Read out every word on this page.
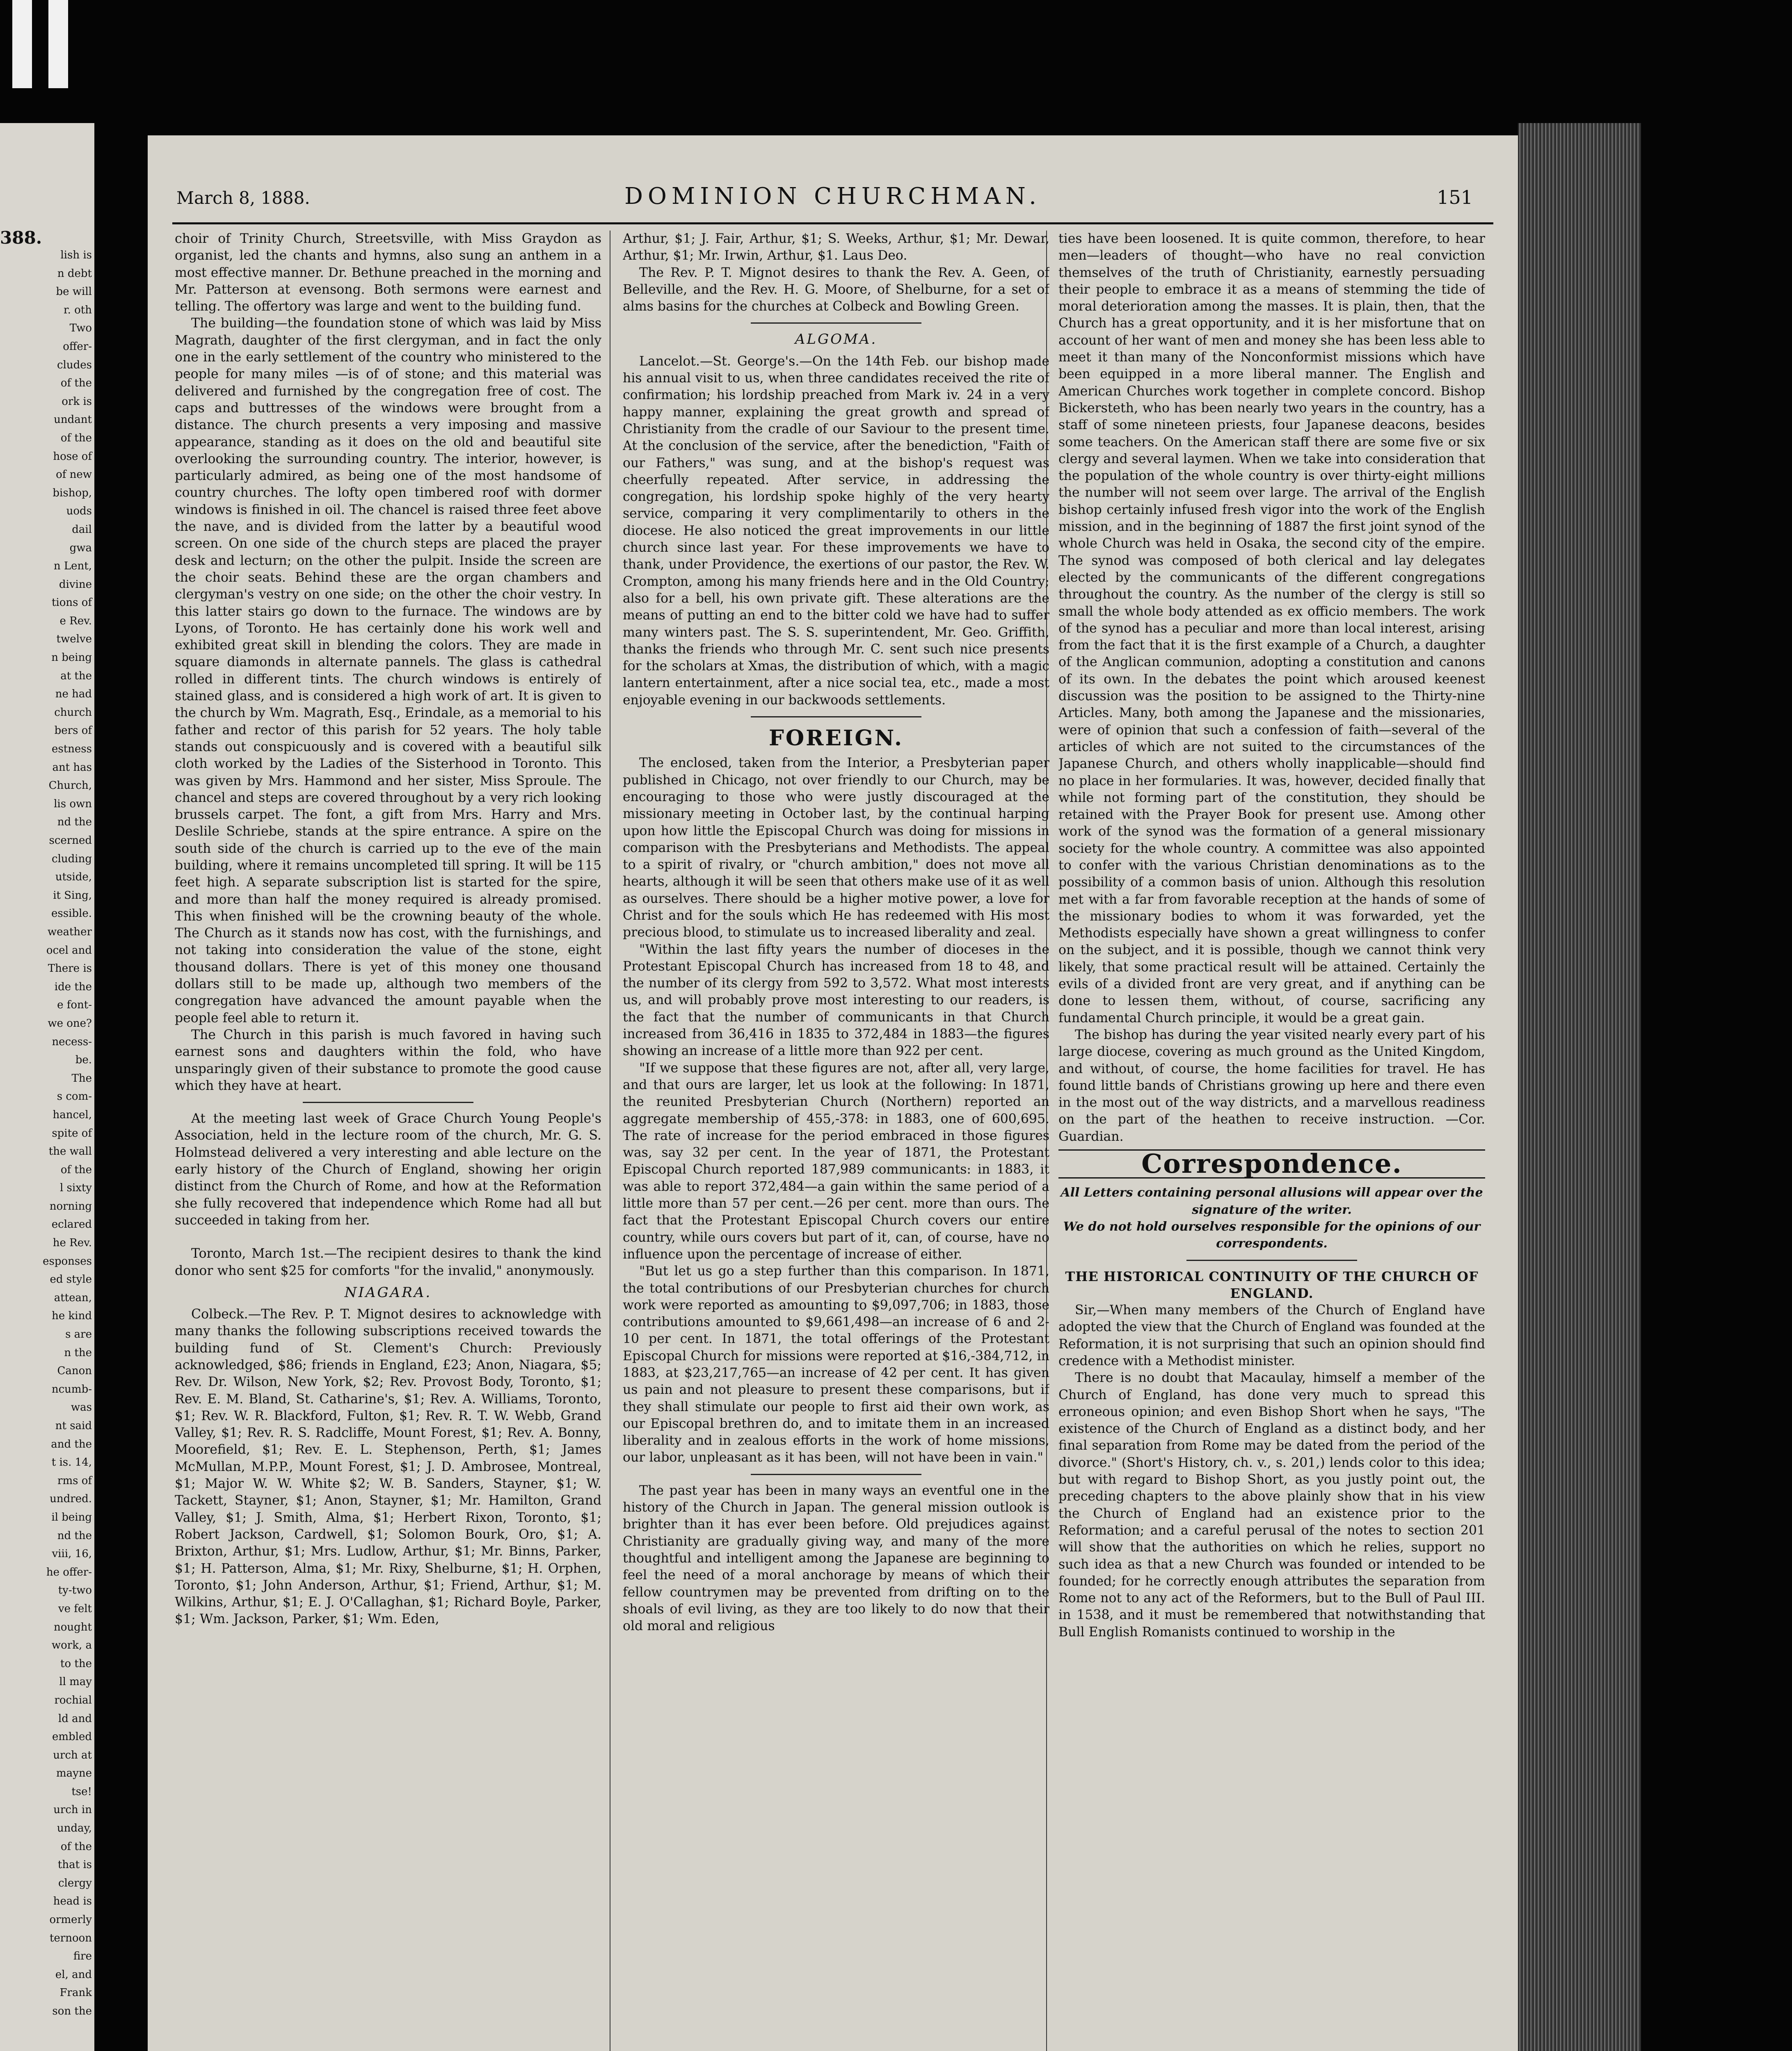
388.
lish is
n debt
be will
r. oth
Two
offer-
cludes
of the
ork is
undant
of the
hose of
of new
bishop,
uods
dail
gwa
n Lent,
divine
tions of
e Rev.
twelve
n being
at the
ne had
church
bers of
estness
ant has
Church,
lis own
nd the
scerned
cluding
utside,
it Sing,
essible.
weather
ocel and
There is
ide the
e font-
we one?
necess-
be.
The
s com-
hancel,
spite of
the wall
of the
l sixty
norning
eclared
he Rev.
esponses
ed style
attean,
he kind
s are
n the
Canon
ncumb-
was
nt said
and the
t is. 14,
rms of
undred.
il being
nd the
viii, 16,
he offer-
ty-two
ve felt
nought
work, a
to the
ll may
rochial
ld and
embled
urch at
mayne
tse!
urch in
unday,
of the
that is
clergy
head is
ormerly
ternoon
fire
el, and
Frank
son the
March 8, 1888.	DOMINION CHURCHMAN.	151

choir of Trinity Church, Streetsville, with Miss Graydon as organist, led the chants and hymns, also sung an anthem in a most effective manner. Dr. Bethune preached in the morning and Mr. Patterson at evensong. Both sermons were earnest and telling. The offertory was large and went to the building fund.

The building—the foundation stone of which was laid by Miss Magrath, daughter of the first clergyman, and in fact the only one in the early settlement of the country who ministered to the people for many miles —is of of stone; and this material was delivered and furnished by the congregation free of cost. The caps and buttresses of the windows were brought from a distance. The church presents a very imposing and massive appearance, standing as it does on the old and beautiful site overlooking the surrounding country. The interior, however, is particularly admired, as being one of the most handsome of country churches. The lofty open timbered roof with dormer windows is finished in oil. The chancel is raised three feet above the nave, and is divided from the latter by a beautiful wood screen. On one side of the church steps are placed the prayer desk and lecturn; on the other the pulpit. Inside the screen are the choir seats. Behind these are the organ chambers and clergyman's vestry on one side; on the other the choir vestry. In this latter stairs go down to the furnace. The windows are by Lyons, of Toronto. He has certainly done his work well and exhibited great skill in blending the colors. They are made in square diamonds in alternate pannels. The glass is cathedral rolled in different tints. The church windows is entirely of stained glass, and is considered a high work of art. It is given to the church by Wm. Magrath, Esq., Erindale, as a memorial to his father and rector of this parish for 52 years. The holy table stands out conspicuously and is covered with a beautiful silk cloth worked by the Ladies of the Sisterhood in Toronto. This was given by Mrs. Hammond and her sister, Miss Sproule. The chancel and steps are covered throughout by a very rich looking brussels carpet. The font, a gift from Mrs. Harry and Mrs. Deslile Schriebe, stands at the spire entrance. A spire on the south side of the church is carried up to the eve of the main building, where it remains uncompleted till spring. It will be 115 feet high. A separate subscription list is started for the spire, and more than half the money required is already promised. This when finished will be the crowning beauty of the whole. The Church as it stands now has cost, with the furnishings, and not taking into consideration the value of the stone, eight thousand dollars. There is yet of this money one thousand dollars still to be made up, although two members of the congregation have advanced the amount payable when the people feel able to return it.

The Church in this parish is much favored in having such earnest sons and daughters within the fold, who have unsparingly given of their substance to promote the good cause which they have at heart.

At the meeting last week of Grace Church Young People's Association, held in the lecture room of the church, Mr. G. S. Holmstead delivered a very interesting and able lecture on the early history of the Church of England, showing her origin distinct from the Church of Rome, and how at the Reformation she fully recovered that independence which Rome had all but succeeded in taking from her.

Toronto, March 1st.—The recipient desires to thank the kind donor who sent $25 for comforts "for the invalid," anonymously.

NIAGARA.

Colbeck.—The Rev. P. T. Mignot desires to acknowledge with many thanks the following subscriptions received towards the building fund of St. Clement's Church: Previously acknowledged, $86; friends in England, £23; Anon, Niagara, $5; Rev. Dr. Wilson, New York, $2; Rev. Provost Body, Toronto, $1; Rev. E. M. Bland, St. Catharine's, $1; Rev. A. Williams, Toronto, $1; Rev. W. R. Blackford, Fulton, $1; Rev. R. T. W. Webb, Grand Valley, $1; Rev. R. S. Radcliffe, Mount Forest, $1; Rev. A. Bonny, Moorefield, $1; Rev. E. L. Stephenson, Perth, $1; James McMullan, M.P.P., Mount Forest, $1; J. D. Ambrosee, Montreal, $1; Major W. W. White $2; W. B. Sanders, Stayner, $1; W. Tackett, Stayner, $1; Anon, Stayner, $1; Mr. Hamilton, Grand Valley, $1; J. Smith, Alma, $1; Herbert Rixon, Toronto, $1; Robert Jackson, Cardwell, $1; Solomon Bourk, Oro, $1; A. Brixton, Arthur, $1; Mrs. Ludlow, Arthur, $1; Mr. Binns, Parker, $1; H. Patterson, Alma, $1; Mr. Rixy, Shelburne, $1; H. Orphen, Toronto, $1; John Anderson, Arthur, $1; Friend, Arthur, $1; M. Wilkins, Arthur, $1; E. J. O'Callaghan, $1; Richard Boyle, Parker, $1; Wm. Jackson, Parker, $1; Wm. Eden,

Arthur, $1; J. Fair, Arthur, $1; S. Weeks, Arthur, $1; Mr. Dewar, Arthur, $1; Mr. Irwin, Arthur, $1. Laus Deo.

The Rev. P. T. Mignot desires to thank the Rev. A. Geen, of Belleville, and the Rev. H. G. Moore, of Shelburne, for a set of alms basins for the churches at Colbeck and Bowling Green.

ALGOMA.

Lancelot.—St. George's.—On the 14th Feb. our bishop made his annual visit to us, when three candidates received the rite of confirmation; his lordship preached from Mark iv. 24 in a very happy manner, explaining the great growth and spread of Christianity from the cradle of our Saviour to the present time. At the conclusion of the service, after the benediction, "Faith of our Fathers," was sung, and at the bishop's request was cheerfully repeated. After service, in addressing the congregation, his lordship spoke highly of the very hearty service, comparing it very complimentarily to others in the diocese. He also noticed the great improvements in our little church since last year. For these improvements we have to thank, under Providence, the exertions of our pastor, the Rev. W. Crompton, among his many friends here and in the Old Country; also for a bell, his own private gift. These alterations are the means of putting an end to the bitter cold we have had to suffer many winters past. The S. S. superintendent, Mr. Geo. Griffith, thanks the friends who through Mr. C. sent such nice presents for the scholars at Xmas, the distribution of which, with a magic lantern entertainment, after a nice social tea, etc., made a most enjoyable evening in our backwoods settlements.

FOREIGN.

The enclosed, taken from the Interior, a Presbyterian paper published in Chicago, not over friendly to our Church, may be encouraging to those who were justly discouraged at the missionary meeting in October last, by the continual harping upon how little the Episcopal Church was doing for missions in comparison with the Presbyterians and Methodists. The appeal to a spirit of rivalry, or "church ambition," does not move all hearts, although it will be seen that others make use of it as well as ourselves. There should be a higher motive power, a love for Christ and for the souls which He has redeemed with His most precious blood, to stimulate us to increased liberality and zeal.

"Within the last fifty years the number of dioceses in the Protestant Episcopal Church has increased from 18 to 48, and the number of its clergy from 592 to 3,572. What most interests us, and will probably prove most interesting to our readers, is the fact that the number of communicants in that Church increased from 36,416 in 1835 to 372,484 in 1883—the figures showing an increase of a little more than 922 per cent.

"If we suppose that these figures are not, after all, very large, and that ours are larger, let us look at the following: In 1871, the reunited Presbyterian Church (Northern) reported an aggregate membership of 455,-378: in 1883, one of 600,695. The rate of increase for the period embraced in those figures was, say 32 per cent. In the year of 1871, the Protestant Episcopal Church reported 187,989 communicants: in 1883, it was able to report 372,484—a gain within the same period of a little more than 57 per cent.—26 per cent. more than ours. The fact that the Protestant Episcopal Church covers our entire country, while ours covers but part of it, can, of course, have no influence upon the percentage of increase of either.

"But let us go a step further than this comparison. In 1871, the total contributions of our Presbyterian churches for church work were reported as amounting to $9,097,706; in 1883, those contributions amounted to $9,661,498—an increase of 6 and 2-10 per cent. In 1871, the total offerings of the Protestant Episcopal Church for missions were reported at $16,-384,712, in 1883, at $23,217,765—an increase of 42 per cent. It has given us pain and not pleasure to present these comparisons, but if they shall stimulate our people to first aid their own work, as our Episcopal brethren do, and to imitate them in an increased liberality and in zealous efforts in the work of home missions, our labor, unpleasant as it has been, will not have been in vain."

The past year has been in many ways an eventful one in the history of the Church in Japan. The general mission outlook is brighter than it has ever been before. Old prejudices against Christianity are gradually giving way, and many of the more thoughtful and intelligent among the Japanese are beginning to feel the need of a moral anchorage by means of which their fellow countrymen may be prevented from drifting on to the shoals of evil living, as they are too likely to do now that their old moral and religious

ties have been loosened. It is quite common, therefore, to hear men—leaders of thought—who have no real conviction themselves of the truth of Christianity, earnestly persuading their people to embrace it as a means of stemming the tide of moral deterioration among the masses. It is plain, then, that the Church has a great opportunity, and it is her misfortune that on account of her want of men and money she has been less able to meet it than many of the Nonconformist missions which have been equipped in a more liberal manner. The English and American Churches work together in complete concord. Bishop Bickersteth, who has been nearly two years in the country, has a staff of some nineteen priests, four Japanese deacons, besides some teachers. On the American staff there are some five or six clergy and several laymen. When we take into consideration that the population of the whole country is over thirty-eight millions the number will not seem over large. The arrival of the English bishop certainly infused fresh vigor into the work of the English mission, and in the beginning of 1887 the first joint synod of the whole Church was held in Osaka, the second city of the empire. The synod was composed of both clerical and lay delegates elected by the communicants of the different congregations throughout the country. As the number of the clergy is still so small the whole body attended as ex officio members. The work of the synod has a peculiar and more than local interest, arising from the fact that it is the first example of a Church, a daughter of the Anglican communion, adopting a constitution and canons of its own. In the debates the point which aroused keenest discussion was the position to be assigned to the Thirty-nine Articles. Many, both among the Japanese and the missionaries, were of opinion that such a confession of faith—several of the articles of which are not suited to the circumstances of the Japanese Church, and others wholly inapplicable—should find no place in her formularies. It was, however, decided finally that while not forming part of the constitution, they should be retained with the Prayer Book for present use. Among other work of the synod was the formation of a general missionary society for the whole country. A committee was also appointed to confer with the various Christian denominations as to the possibility of a common basis of union. Although this resolution met with a far from favorable reception at the hands of some of the missionary bodies to whom it was forwarded, yet the Methodists especially have shown a great willingness to confer on the subject, and it is possible, though we cannot think very likely, that some practical result will be attained. Certainly the evils of a divided front are very great, and if anything can be done to lessen them, without, of course, sacrificing any fundamental Church principle, it would be a great gain.

The bishop has during the year visited nearly every part of his large diocese, covering as much ground as the United Kingdom, and without, of course, the home facilities for travel. He has found little bands of Christians growing up here and there even in the most out of the way districts, and a marvellous readiness on the part of the heathen to receive instruction. —Cor. Guardian.

Correspondence.

All Letters containing personal allusions will appear over the signature of the writer.

We do not hold ourselves responsible for the opinions of our correspondents.

THE HISTORICAL CONTINUITY OF THE CHURCH OF ENGLAND.

Sir,—When many members of the Church of England have adopted the view that the Church of England was founded at the Reformation, it is not surprising that such an opinion should find credence with a Methodist minister.

There is no doubt that Macaulay, himself a member of the Church of England, has done very much to spread this erroneous opinion; and even Bishop Short when he says, "The existence of the Church of England as a distinct body, and her final separation from Rome may be dated from the period of the divorce." (Short's History, ch. v., s. 201,) lends color to this idea; but with regard to Bishop Short, as you justly point out, the preceding chapters to the above plainly show that in his view the Church of England had an existence prior to the Reformation; and a careful perusal of the notes to section 201 will show that the authorities on which he relies, support no such idea as that a new Church was founded or intended to be founded; for he correctly enough attributes the separation from Rome not to any act of the Reformers, but to the Bull of Paul III. in 1538, and it must be remembered that notwithstanding that Bull English Romanists continued to worship in the
